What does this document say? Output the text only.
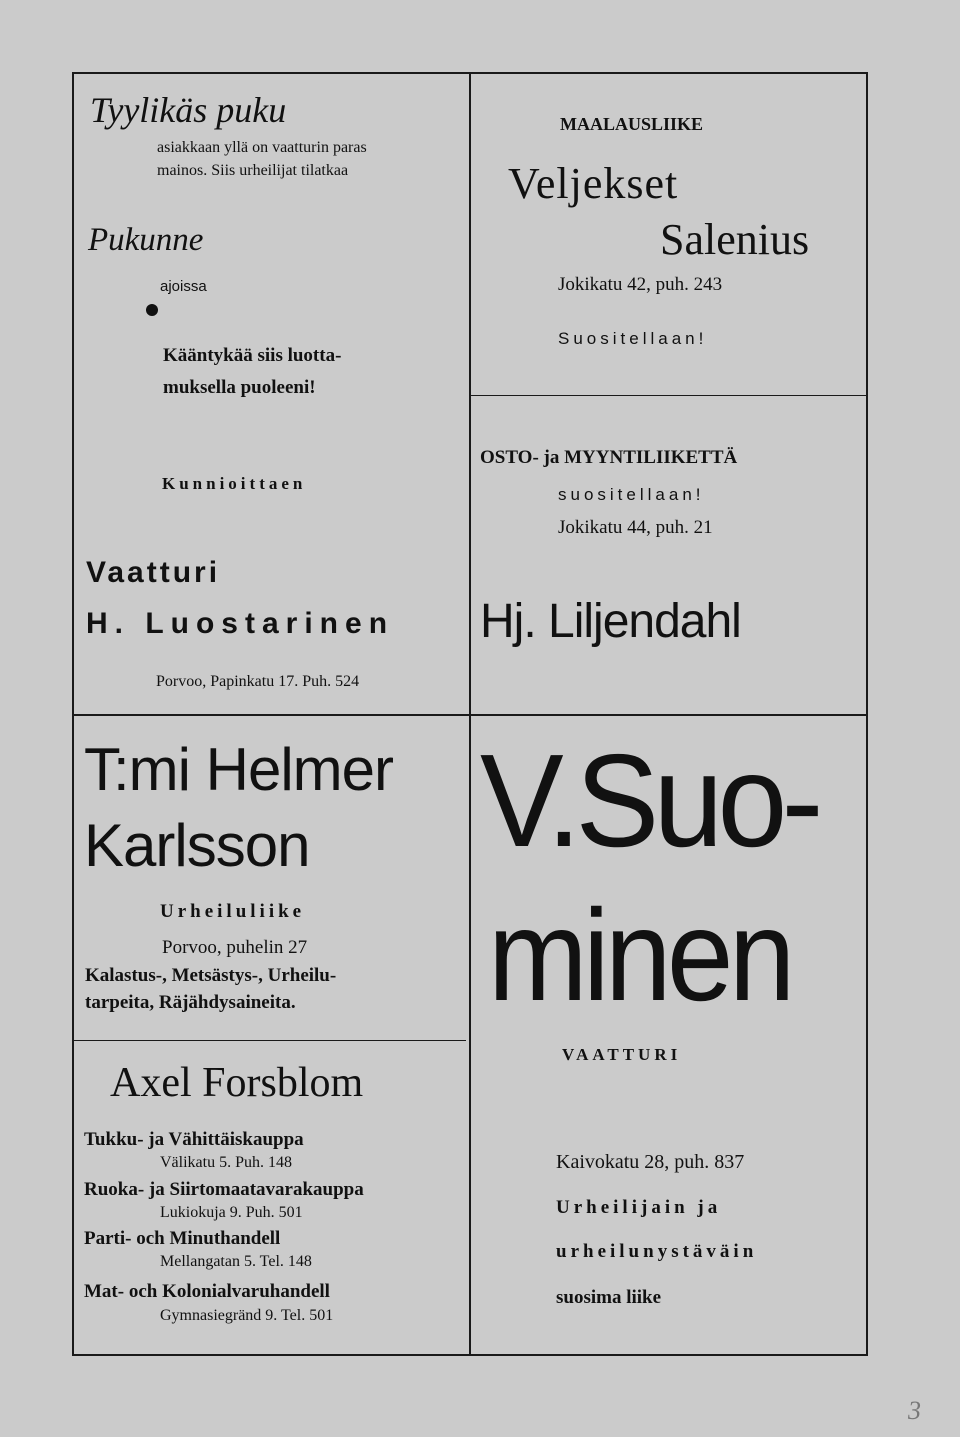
Tyylikäs puku
asiakkaan yllä on vaatturin paras
mainos. Siis urheilijat tilatkaa
Pukunne
ajoissa
Kääntykää siis luotta-
muksella puoleeni!
Kunnioittaen
Vaatturi
H. Luostarinen
Porvoo, Papinkatu 17. Puh. 524
MAALAUSLIIKE
Veljekset
Salenius
Jokikatu 42, puh. 243
Suositellaan!
OSTO- ja MYYNTILIIKETTÄ
suositellaan!
Jokikatu 44, puh. 21
Hj. Liljendahl
T:mi Helmer
Karlsson
Urheiluliike
Porvoo, puhelin 27
Kalastus-, Metsästys-, Urheilu-
tarpeita, Räjähdysaineita.
Axel Forsblom
Tukku- ja Vähittäiskauppa
Välikatu 5. Puh. 148
Ruoka- ja Siirtomaatavarakauppa
Lukiokuja 9. Puh. 501
Parti- och Minuthandell
Mellangatan 5. Tel. 148
Mat- och Kolonialvaruhandell
Gymnasiegränd 9. Tel. 501
V.Suo-
minen
VAATTURI
Kaivokatu 28, puh. 837
Urheilijain ja
urheilunystäväin
suosima liike
3
